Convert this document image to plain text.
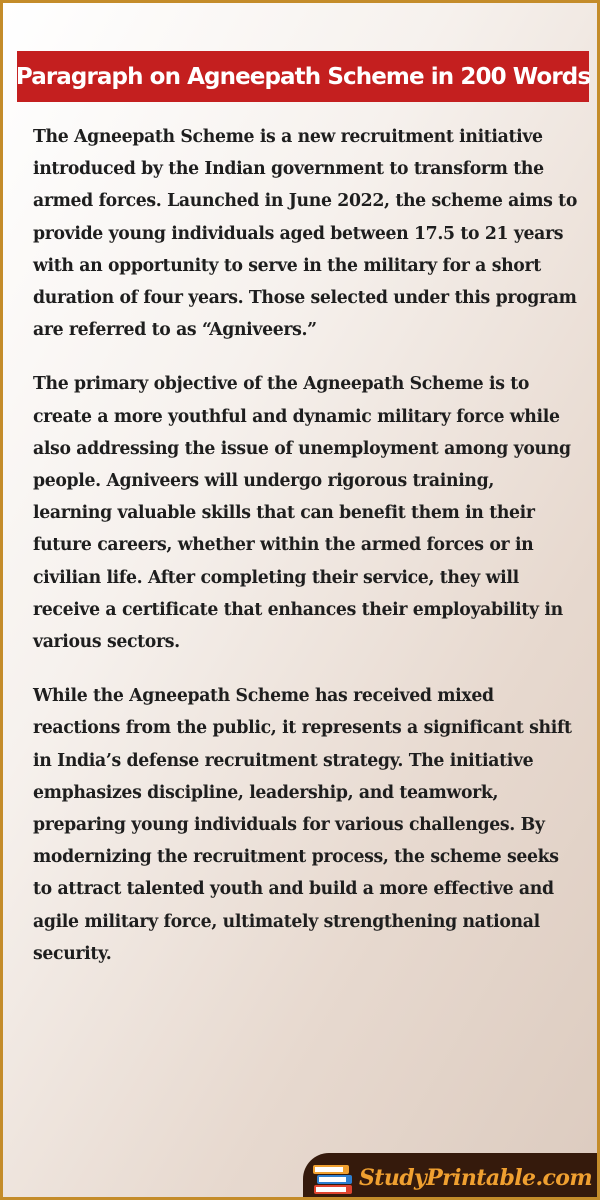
Paragraph on Agneepath Scheme in 200 Words

The Agneepath Scheme is a new recruitment initiative introduced by the Indian government to transform the armed forces. Launched in June 2022, the scheme aims to provide young individuals aged between 17.5 to 21 years with an opportunity to serve in the military for a short duration of four years. Those selected under this program are referred to as “Agniveers.”

The primary objective of the Agneepath Scheme is to create a more youthful and dynamic military force while also addressing the issue of unemployment among young people. Agniveers will undergo rigorous training, learning valuable skills that can benefit them in their future careers, whether within the armed forces or in civilian life. After completing their service, they will receive a certificate that enhances their employability in various sectors.

While the Agneepath Scheme has received mixed reactions from the public, it represents a significant shift in India’s defense recruitment strategy. The initiative emphasizes discipline, leadership, and teamwork, preparing young individuals for various challenges. By modernizing the recruitment process, the scheme seeks to attract talented youth and build a more effective and agile military force, ultimately strengthening national security.

StudyPrintable.com
